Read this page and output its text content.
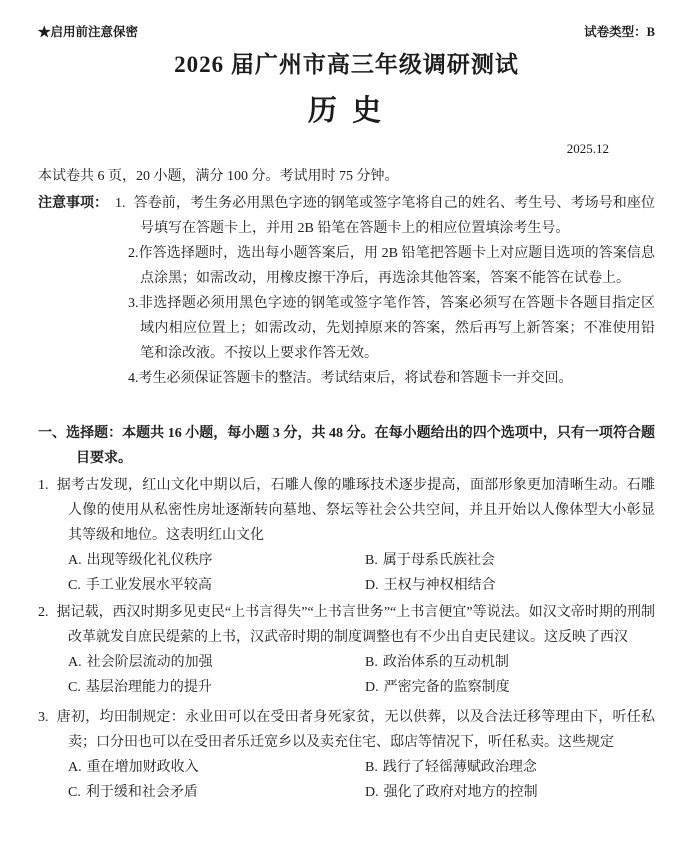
★启用前注意保密	试卷类型：B
2026 届广州市高三年级调研测试
历 史
2025.12
本试卷共 6 页，20 小题，满分 100 分。考试用时 75 分钟。
注意事项： 1. 答卷前，考生务必用黑色字迹的钢笔或签字笔将自己的姓名、考生号、考场号和座位号填写在答题卡上，并用 2B 铅笔在答题卡上的相应位置填涂考生号。
2.作答选择题时，选出每小题答案后，用 2B 铅笔把答题卡上对应题目选项的答案信息点涂黑；如需改动，用橡皮擦干净后，再选涂其他答案，答案不能答在试卷上。
3.非选择题必须用黑色字迹的钢笔或签字笔作答，答案必须写在答题卡各题目指定区域内相应位置上；如需改动，先划掉原来的答案，然后再写上新答案；不准使用铅笔和涂改液。不按以上要求作答无效。
4.考生必须保证答题卡的整洁。考试结束后，将试卷和答题卡一并交回。
一、选择题：本题共 16 小题，每小题 3 分，共 48 分。在每小题给出的四个选项中，只有一项符合题目要求。
1. 据考古发现，红山文化中期以后，石雕人像的雕琢技术逐步提高，面部形象更加清晰生动。石雕人像的使用从私密性房址逐渐转向墓地、祭坛等社会公共空间，并且开始以人像体型大小彰显其等级和地位。这表明红山文化
A. 出现等级化礼仪秩序	B. 属于母系氏族社会
C. 手工业发展水平较高	D. 王权与神权相结合
2. 据记载，西汉时期多见吏民“上书言得失”“上书言世务”“上书言便宜”等说法。如汉文帝时期的刑制改革就发自庶民缇萦的上书，汉武帝时期的制度调整也有不少出自吏民建议。这反映了西汉
A. 社会阶层流动的加强	B. 政治体系的互动机制
C. 基层治理能力的提升	D. 严密完备的监察制度
3. 唐初，均田制规定：永业田可以在受田者身死家贫，无以供葬，以及合法迁移等理由下，听任私卖；口分田也可以在受田者乐迁宽乡以及卖充住宅、邸店等情况下，听任私卖。这些规定
A. 重在增加财政收入	B. 践行了轻徭薄赋政治理念
C. 利于缓和社会矛盾	D. 强化了政府对地方的控制
